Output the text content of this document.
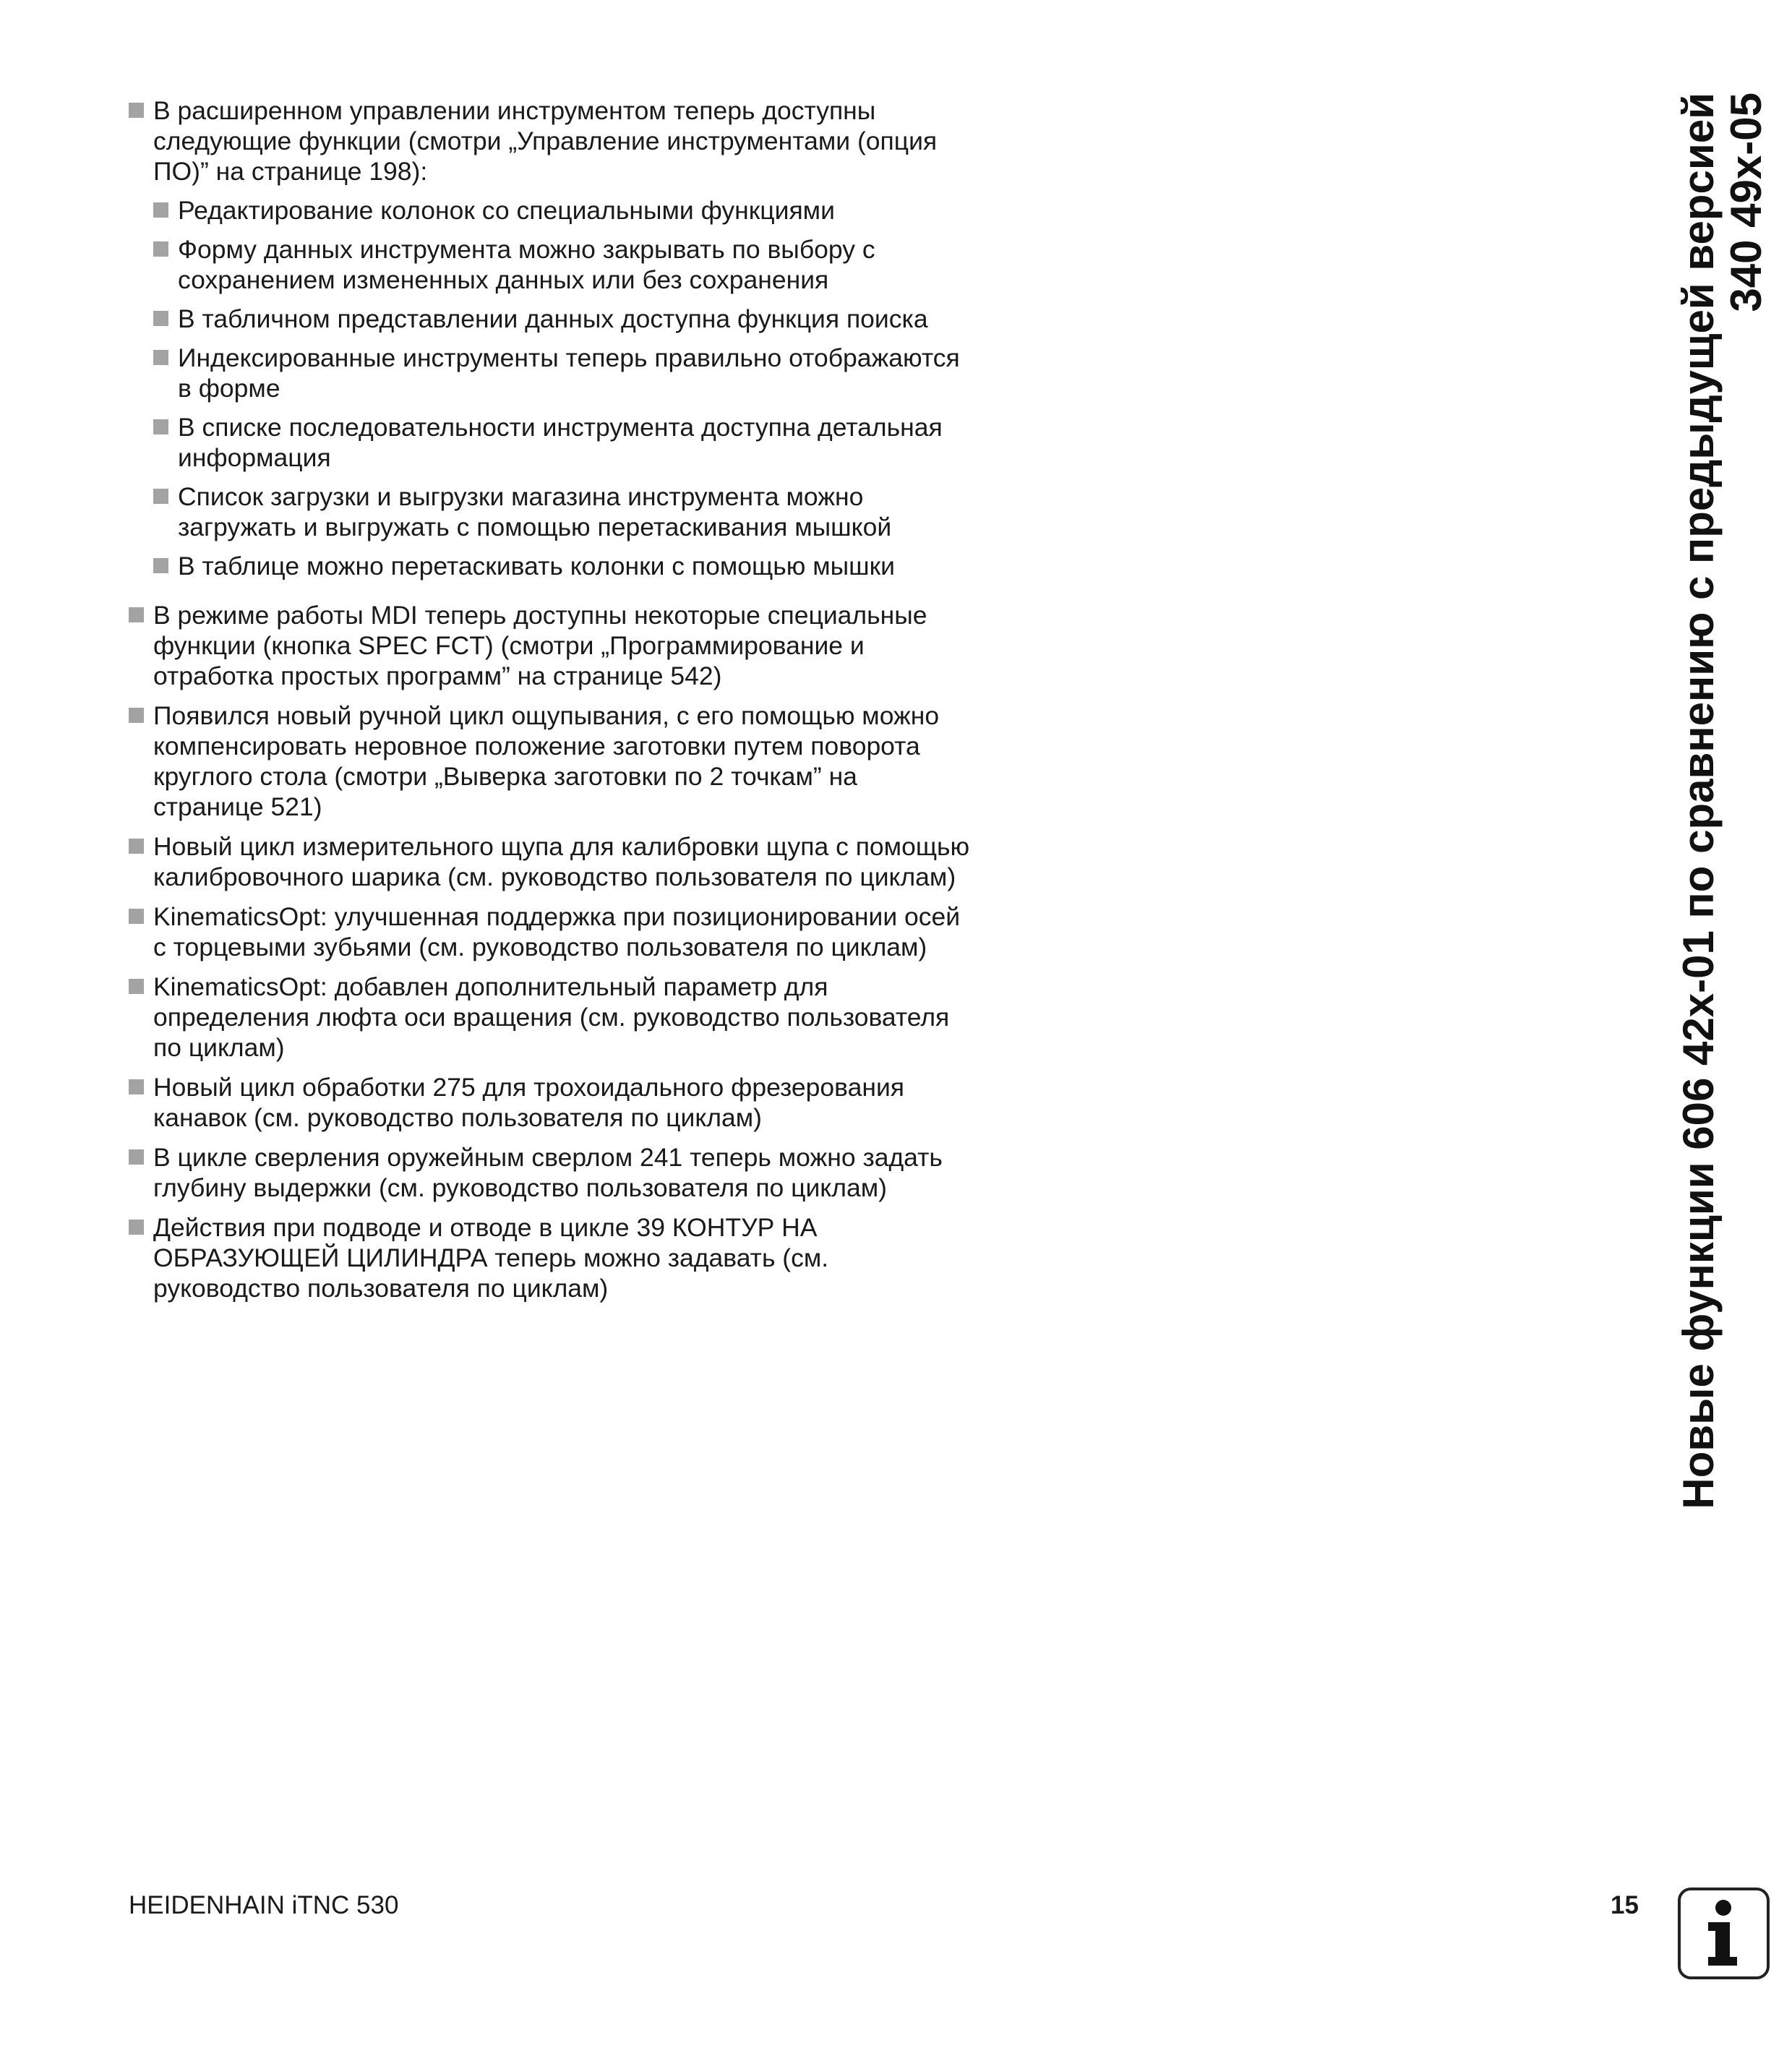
В расширенном управлении инструментом теперь доступны следующие функции (смотри „Управление инструментами (опция ПО)” на странице 198):
Редактирование колонок со специальными функциями
Форму данных инструмента можно закрывать по выбору с сохранением измененных данных или без сохранения
В табличном представлении данных доступна функция поиска
Индексированные инструменты теперь правильно отображаются в форме
В списке последовательности инструмента доступна детальная информация
Список загрузки и выгрузки магазина инструмента можно загружать и выгружать с помощью перетаскивания мышкой
В таблице можно перетаскивать колонки с помощью мышки
В режиме работы MDI теперь доступны некоторые специальные функции (кнопка SPEC FCT) (смотри „Программирование и отработка простых программ” на странице 542)
Появился новый ручной цикл ощупывания, с его помощью можно компенсировать неровное положение заготовки путем поворота круглого стола (смотри „Выверка заготовки по 2 точкам” на странице 521)
Новый цикл измерительного щупа для калибровки щупа с помощью калибровочного шарика (см. руководство пользователя по циклам)
KinematicsOpt: улучшенная поддержка при позиционировании осей с торцевыми зубьями (см. руководство пользователя по циклам)
KinematicsOpt: добавлен дополнительный параметр для определения люфта оси вращения (см. руководство пользователя по циклам)
Новый цикл обработки 275 для трохоидального фрезерования канавок (см. руководство пользователя по циклам)
В цикле сверления оружейным сверлом 241 теперь можно задать глубину выдержки (см. руководство пользователя по циклам)
Действия при подводе и отводе в цикле 39 КОНТУР НА ОБРАЗУЮЩЕЙ ЦИЛИНДРА теперь можно задавать (см. руководство пользователя по циклам)	Новые функции 606 42x-01 по сравнению с предыдущей версией 340 49x-05
HEIDENHAIN iTNC 530	15
